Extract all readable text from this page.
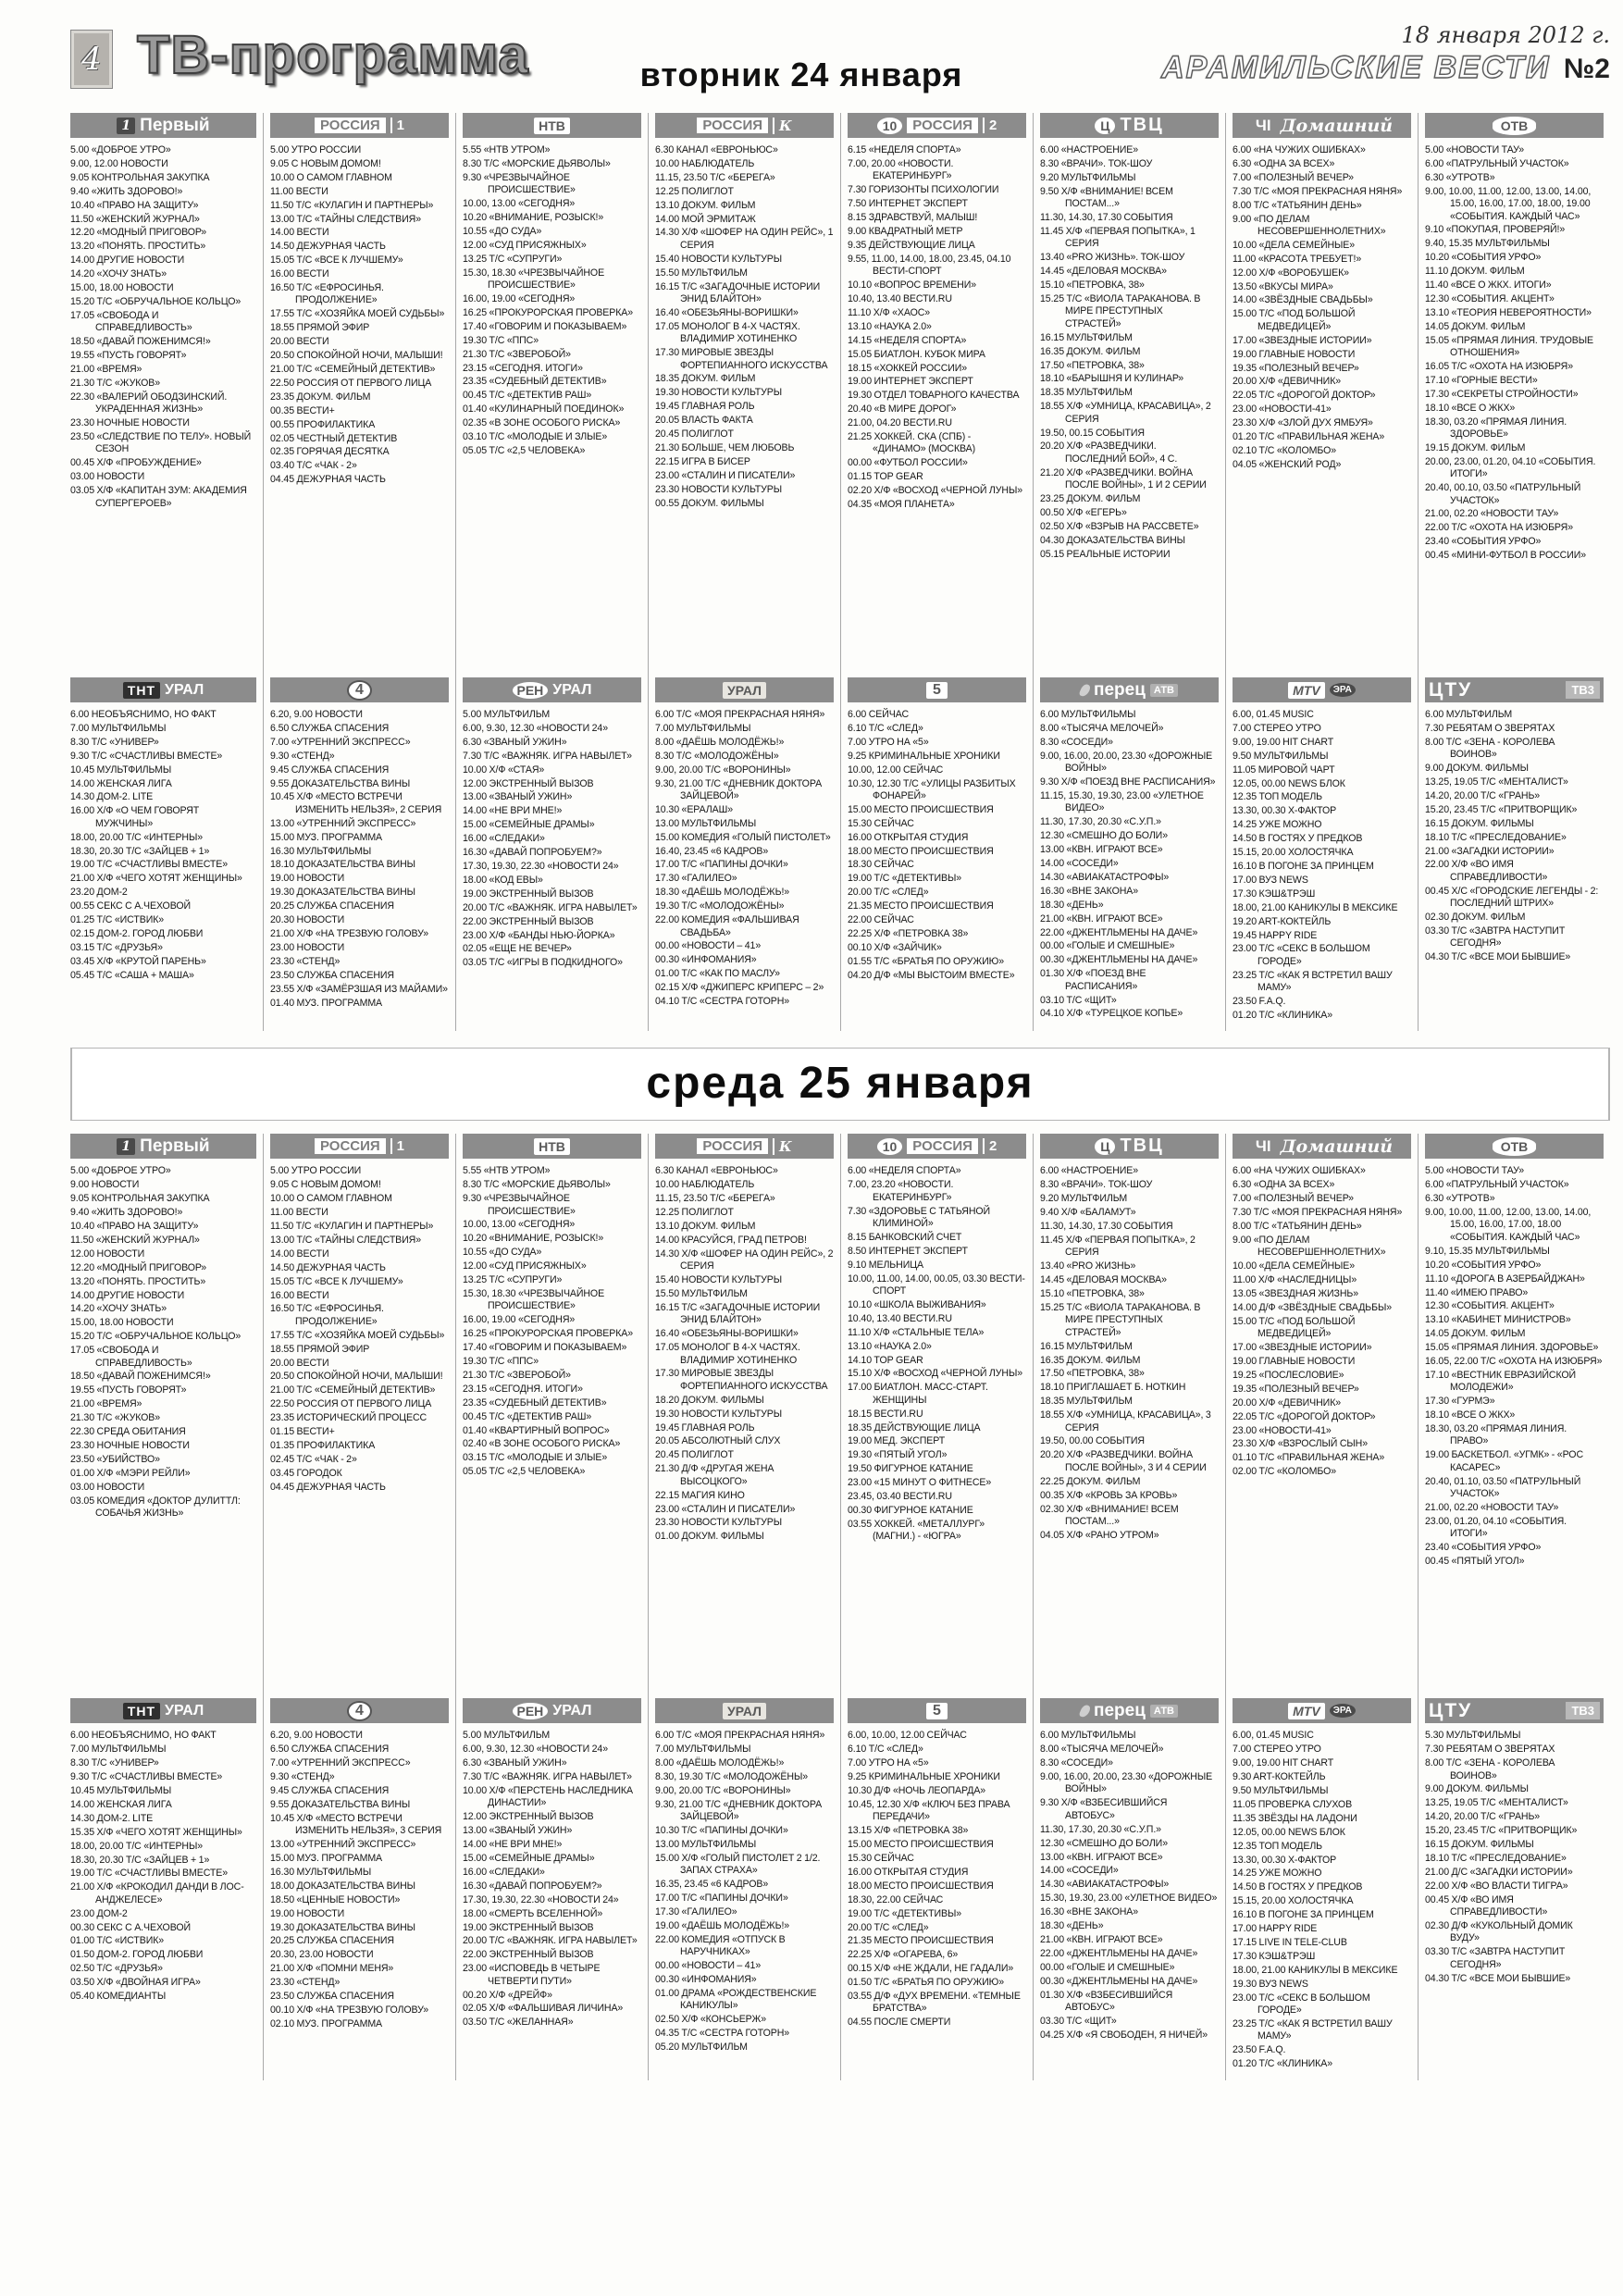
4 ТВ-программа	вторник 24 января
18 января 2012 г.
АРАМИЛЬСКИЕ ВЕСТИ №2
1 Первый
5.00 «ДОБРОЕ УТРО»
9.00, 12.00 НОВОСТИ
9.05 КОНТРОЛЬНАЯ ЗАКУПКА
9.40 «ЖИТЬ ЗДОРОВО!»
10.40 «ПРАВО НА ЗАЩИТУ»
11.50 «ЖЕНСКИЙ ЖУРНАЛ»
12.20 «МОДНЫЙ ПРИГОВОР»
13.20 «ПОНЯТЬ. ПРОСТИТЬ»
14.00 ДРУГИЕ НОВОСТИ
14.20 «ХОЧУ ЗНАТЬ»
15.00, 18.00 НОВОСТИ
15.20 Т/С «ОБРУЧАЛЬНОЕ КОЛЬЦО»
17.05 «СВОБОДА И СПРАВЕДЛИВОСТЬ»
18.50 «ДАВАЙ ПОЖЕНИМСЯ!»
19.55 «ПУСТЬ ГОВОРЯТ»
21.00 «ВРЕМЯ»
21.30 Т/С «ЖУКОВ»
22.30 «ВАЛЕРИЙ ОБОДЗИНСКИЙ. УКРАДЕННАЯ ЖИЗНЬ»
23.30 НОЧНЫЕ НОВОСТИ
23.50 «СЛЕДСТВИЕ ПО ТЕЛУ». НОВЫЙ СЕЗОН
00.45 Х/Ф «ПРОБУЖДЕНИЕ»
03.00 НОВОСТИ
03.05 Х/Ф «КАПИТАН ЗУМ: АКАДЕМИЯ СУПЕРГЕРОЕВ»
ТНТ УРАЛ
6.00 НЕОБЪЯСНИМО, НО ФАКТ
7.00 МУЛЬТФИЛЬМЫ
8.30 Т/С «УНИВЕР»
9.30 Т/С «СЧАСТЛИВЫ ВМЕСТЕ»
10.45 МУЛЬТФИЛЬМЫ
14.00 ЖЕНСКАЯ ЛИГА
14.30 ДОМ-2. LITE
16.00 Х/Ф «О ЧЕМ ГОВОРЯТ МУЖЧИНЫ»
18.00, 20.00 Т/С «ИНТЕРНЫ»
18.30, 20.30 Т/С «ЗАЙЦЕВ + 1»
19.00 Т/С «СЧАСТЛИВЫ ВМЕСТЕ»
21.00 Х/Ф «ЧЕГО ХОТЯТ ЖЕНЩИНЫ»
23.20 ДОМ-2
00.55 СЕКС С А.ЧЕХОВОЙ
01.25 Т/С «ИСТВИК»
02.15 ДОМ-2. ГОРОД ЛЮБВИ
03.15 Т/С «ДРУЗЬЯ»
03.45 Х/Ф «КРУТОЙ ПАРЕНЬ»
05.45 Т/С «САША + МАША»
РОССИЯ	1
5.00 УТРО РОССИИ
9.05 С НОВЫМ ДОМОМ!
10.00 О САМОМ ГЛАВНОМ
11.00 ВЕСТИ
11.50 Т/С «КУЛАГИН И ПАРТНЕРЫ»
13.00 Т/С «ТАЙНЫ СЛЕДСТВИЯ»
14.00 ВЕСТИ
14.50 ДЕЖУРНАЯ ЧАСТЬ
15.05 Т/С «ВСЕ К ЛУЧШЕМУ»
16.00 ВЕСТИ
16.50 Т/С «ЕФРОСИНЬЯ. ПРОДОЛЖЕНИЕ»
17.55 Т/С «ХОЗЯЙКА МОЕЙ СУДЬБЫ»
18.55 ПРЯМОЙ ЭФИР
20.00 ВЕСТИ
20.50 СПОКОЙНОЙ НОЧИ, МАЛЫШИ!
21.00 Т/С «СЕМЕЙНЫЙ ДЕТЕКТИВ»
22.50 РОССИЯ ОТ ПЕРВОГО ЛИЦА
23.35 ДОКУМ. ФИЛЬМ
00.35 ВЕСТИ+
00.55 ПРОФИЛАКТИКА
02.05 ЧЕСТНЫЙ ДЕТЕКТИВ
02.35 ГОРЯЧАЯ ДЕСЯТКА
03.40 Т/С «ЧАК - 2»
04.45 ДЕЖУРНАЯ ЧАСТЬ
4
6.20, 9.00 НОВОСТИ
6.50 СЛУЖБА СПАСЕНИЯ
7.00 «УТРЕННИЙ ЭКСПРЕСС»
9.30 «СТЕНД»
9.45 СЛУЖБА СПАСЕНИЯ
9.55 ДОКАЗАТЕЛЬСТВА ВИНЫ
10.45 Х/Ф «МЕСТО ВСТРЕЧИ ИЗМЕНИТЬ НЕЛЬЗЯ», 2 СЕРИЯ
13.00 «УТРЕННИЙ ЭКСПРЕСС»
15.00 МУЗ. ПРОГРАММА
16.30 МУЛЬТФИЛЬМЫ
18.10 ДОКАЗАТЕЛЬСТВА ВИНЫ
19.00 НОВОСТИ
19.30 ДОКАЗАТЕЛЬСТВА ВИНЫ
20.25 СЛУЖБА СПАСЕНИЯ
20.30 НОВОСТИ
21.00 Х/Ф «НА ТРЕЗВУЮ ГОЛОВУ»
23.00 НОВОСТИ
23.30 «СТЕНД»
23.50 СЛУЖБА СПАСЕНИЯ
23.55 Х/Ф «ЗАМЁРЗШАЯ ИЗ МАЙАМИ»
01.40 МУЗ. ПРОГРАММА
НТВ
5.55 «НТВ УТРОМ»
8.30 Т/С «МОРСКИЕ ДЬЯВОЛЫ»
9.30 «ЧРЕЗВЫЧАЙНОЕ ПРОИСШЕСТВИЕ»
10.00, 13.00 «СЕГОДНЯ»
10.20 «ВНИМАНИЕ, РОЗЫСК!»
10.55 «ДО СУДА»
12.00 «СУД ПРИСЯЖНЫХ»
13.25 Т/С «СУПРУГИ»
15.30, 18.30 «ЧРЕЗВЫЧАЙНОЕ ПРОИСШЕСТВИЕ»
16.00, 19.00 «СЕГОДНЯ»
16.25 «ПРОКУРОРСКАЯ ПРОВЕРКА»
17.40 «ГОВОРИМ И ПОКАЗЫВАЕМ»
19.30 Т/С «ППС»
21.30 Т/С «ЗВЕРОБОЙ»
23.15 «СЕГОДНЯ. ИТОГИ»
23.35 «СУДЕБНЫЙ ДЕТЕКТИВ»
00.45 Т/С «ДЕТЕКТИВ РАШ»
01.40 «КУЛИНАРНЫЙ ПОЕДИНОК»
02.35 «В ЗОНЕ ОСОБОГО РИСКА»
03.10 Т/С «МОЛОДЫЕ И ЗЛЫЕ»
05.05 Т/С «2,5 ЧЕЛОВЕКА»
РЕН УРАЛ
5.00 МУЛЬТФИЛЬМ
6.00, 9.30, 12.30 «НОВОСТИ 24»
6.30 «ЗВАНЫЙ УЖИН»
7.30 Т/С «ВАЖНЯК. ИГРА НАВЫЛЕТ»
10.00 Х/Ф «СТАЯ»
12.00 ЭКСТРЕННЫЙ ВЫЗОВ
13.00 «ЗВАНЫЙ УЖИН»
14.00 «НЕ ВРИ МНЕ!»
15.00 «СЕМЕЙНЫЕ ДРАМЫ»
16.00 «СЛЕДАКИ»
16.30 «ДАВАЙ ПОПРОБУЕМ?»
17.30, 19.30, 22.30 «НОВОСТИ 24»
18.00 «КОД ЕВЫ»
19.00 ЭКСТРЕННЫЙ ВЫЗОВ
20.00 Т/С «ВАЖНЯК. ИГРА НАВЫЛЕТ»
22.00 ЭКСТРЕННЫЙ ВЫЗОВ
23.00 Х/Ф «БАНДЫ НЬЮ-ЙОРКА»
02.05 «ЕЩЕ НЕ ВЕЧЕР»
03.05 Т/С «ИГРЫ В ПОДКИДНОГО»
РОССИЯ	К
6.30 КАНАЛ «ЕВРОНЬЮС»
10.00 НАБЛЮДАТЕЛЬ
11.15, 23.50 Т/С «БЕРЕГА»
12.25 ПОЛИГЛОТ
13.10 ДОКУМ. ФИЛЬМ
14.00 МОЙ ЭРМИТАЖ
14.30 Х/Ф «ШОФЕР НА ОДИН РЕЙС», 1 СЕРИЯ
15.40 НОВОСТИ КУЛЬТУРЫ
15.50 МУЛЬТФИЛЬМ
16.15 Т/С «ЗАГАДОЧНЫЕ ИСТОРИИ ЭНИД БЛАЙТОН»
16.40 «ОБЕЗЬЯНЫ-ВОРИШКИ»
17.05 МОНОЛОГ В 4-Х ЧАСТЯХ. ВЛАДИМИР ХОТИНЕНКО
17.30 МИРОВЫЕ ЗВЕЗДЫ ФОРТЕПИАННОГО ИСКУССТВА
18.35 ДОКУМ. ФИЛЬМ
19.30 НОВОСТИ КУЛЬТУРЫ
19.45 ГЛАВНАЯ РОЛЬ
20.05 ВЛАСТЬ ФАКТА
20.45 ПОЛИГЛОТ
21.30 БОЛЬШЕ, ЧЕМ ЛЮБОВЬ
22.15 ИГРА В БИСЕР
23.00 «СТАЛИН И ПИСАТЕЛИ»
23.30 НОВОСТИ КУЛЬТУРЫ
00.55 ДОКУМ. ФИЛЬМЫ
УРАЛ
6.00 Т/С «МОЯ ПРЕКРАСНАЯ НЯНЯ»
7.00 МУЛЬТФИЛЬМЫ
8.00 «ДАЁШЬ МОЛОДЁЖЬ!»
8.30 Т/С «МОЛОДОЖЁНЫ»
9.00, 20.00 Т/С «ВОРОНИНЫ»
9.30, 21.00 Т/С «ДНЕВНИК ДОКТОРА ЗАЙЦЕВОЙ»
10.30 «ЕРАЛАШ»
13.00 МУЛЬТФИЛЬМЫ
15.00 КОМЕДИЯ «ГОЛЫЙ ПИСТОЛЕТ»
16.40, 23.45 «6 КАДРОВ»
17.00 Т/С «ПАПИНЫ ДОЧКИ»
17.30 «ГАЛИЛЕО»
18.30 «ДАЁШЬ МОЛОДЁЖЬ!»
19.30 Т/С «МОЛОДОЖЁНЫ»
22.00 КОМЕДИЯ «ФАЛЬШИВАЯ СВАДЬБА»
00.00 «НОВОСТИ – 41»
00.30 «ИНФОМАНИЯ»
01.00 Т/С «КАК ПО МАСЛУ»
02.15 Х/Ф «ДЖИПЕРС КРИПЕРС – 2»
04.10 Т/С «СЕСТРА ГОТОРН»
10	РОССИЯ	2
6.15 «НЕДЕЛЯ СПОРТА»
7.00, 20.00 «НОВОСТИ. ЕКАТЕРИНБУРГ»
7.30 ГОРИЗОНТЫ ПСИХОЛОГИИ
7.50 ИНТЕРНЕТ ЭКСПЕРТ
8.15 ЗДРАВСТВУЙ, МАЛЫШ!
9.00 КВАДРАТНЫЙ МЕТР
9.35 ДЕЙСТВУЮЩИЕ ЛИЦА
9.55, 11.00, 14.00, 18.00, 23.45, 04.10 ВЕСТИ-СПОРТ
10.10 «ВОПРОС ВРЕМЕНИ»
10.40, 13.40 ВЕСТИ.RU
11.10 Х/Ф «ХАОС»
13.10 «НАУКА 2.0»
14.15 «НЕДЕЛЯ СПОРТА»
15.05 БИАТЛОН. КУБОК МИРА
18.15 «ХОККЕЙ РОССИИ»
19.00 ИНТЕРНЕТ ЭКСПЕРТ
19.30 ОТДЕЛ ТОВАРНОГО КАЧЕСТВА
20.40 «В МИРЕ ДОРОГ»
21.00, 04.20 ВЕСТИ.RU
21.25 ХОККЕЙ. СКА (СПБ) - «ДИНАМО» (МОСКВА)
00.00 «ФУТБОЛ РОССИИ»
01.15 TOP GEAR
02.20 Х/Ф «ВОСХОД «ЧЕРНОЙ ЛУНЫ»
04.35 «МОЯ ПЛАНЕТА»
5
6.00 СЕЙЧАС
6.10 Т/С «СЛЕД»
7.00 УТРО НА «5»
9.25 КРИМИНАЛЬНЫЕ ХРОНИКИ
10.00, 12.00 СЕЙЧАС
10.30, 12.30 Т/С «УЛИЦЫ РАЗБИТЫХ ФОНАРЕЙ»
15.00 МЕСТО ПРОИСШЕСТВИЯ
15.30 СЕЙЧАС
16.00 ОТКРЫТАЯ СТУДИЯ
18.00 МЕСТО ПРОИСШЕСТВИЯ
18.30 СЕЙЧАС
19.00 Т/С «ДЕТЕКТИВЫ»
20.00 Т/С «СЛЕД»
21.35 МЕСТО ПРОИСШЕСТВИЯ
22.00 СЕЙЧАС
22.25 Х/Ф «ПЕТРОВКА 38»
00.10 Х/Ф «ЗАЙЧИК»
01.55 Т/С «БРАТЬЯ ПО ОРУЖИЮ»
04.20 Д/Ф «МЫ ВЫСТОИМ ВМЕСТЕ»
Ц ТВЦ
6.00 «НАСТРОЕНИЕ»
8.30 «ВРАЧИ». ТОК-ШОУ
9.20 МУЛЬТФИЛЬМЫ
9.50 Х/Ф «ВНИМАНИЕ! ВСЕМ ПОСТАМ...»
11.30, 14.30, 17.30 СОБЫТИЯ
11.45 Х/Ф «ПЕРВАЯ ПОПЫТКА», 1 СЕРИЯ
13.40 «PRO ЖИЗНЬ». ТОК-ШОУ
14.45 «ДЕЛОВАЯ МОСКВА»
15.10 «ПЕТРОВКА, 38»
15.25 Т/С «ВИОЛА ТАРАКАНОВА. В МИРЕ ПРЕСТУПНЫХ СТРАСТЕЙ»
16.15 МУЛЬТФИЛЬМ
16.35 ДОКУМ. ФИЛЬМ
17.50 «ПЕТРОВКА, 38»
18.10 «БАРЫШНЯ И КУЛИНАР»
18.35 МУЛЬТФИЛЬМ
18.55 Х/Ф «УМНИЦА, КРАСАВИЦА», 2 СЕРИЯ
19.50, 00.15 СОБЫТИЯ
20.20 Х/Ф «РАЗВЕДЧИКИ. ПОСЛЕДНИЙ БОЙ», 4 С.
21.20 Х/Ф «РАЗВЕДЧИКИ. ВОЙНА ПОСЛЕ ВОЙНЫ», 1 И 2 СЕРИИ
23.25 ДОКУМ. ФИЛЬМ
00.50 Х/Ф «ЕГЕРЬ»
02.50 Х/Ф «ВЗРЫВ НА РАССВЕТЕ»
04.30 ДОКАЗАТЕЛЬСТВА ВИНЫ
05.15 РЕАЛЬНЫЕ ИСТОРИИ
перец АТВ
6.00 МУЛЬТФИЛЬМЫ
8.00 «ТЫСЯЧА МЕЛОЧЕЙ»
8.30 «СОСЕДИ»
9.00, 16.00, 20.00, 23.30 «ДОРОЖНЫЕ ВОЙНЫ»
9.30 Х/Ф «ПОЕЗД ВНЕ РАСПИСАНИЯ»
11.15, 15.30, 19.30, 23.00 «УЛЕТНОЕ ВИДЕО»
11.30, 17.30, 20.30 «С.У.П.»
12.30 «СМЕШНО ДО БОЛИ»
13.00 «КВН. ИГРАЮТ ВСЕ»
14.00 «СОСЕДИ»
14.30 «АВИАКАТАСТРОФЫ»
16.30 «ВНЕ ЗАКОНА»
18.30 «ДЕНЬ»
21.00 «КВН. ИГРАЮТ ВСЕ»
22.00 «ДЖЕНТЛЬМЕНЫ НА ДАЧЕ»
00.00 «ГОЛЫЕ И СМЕШНЫЕ»
00.30 «ДЖЕНТЛЬМЕНЫ НА ДАЧЕ»
01.30 Х/Ф «ПОЕЗД ВНЕ РАСПИСАНИЯ»
03.10 Т/С «ЩИТ»
04.10 Х/Ф «ТУРЕЦКОЕ КОПЬЕ»
ЧІ Домашний
6.00 «НА ЧУЖИХ ОШИБКАХ»
6.30 «ОДНА ЗА ВСЕХ»
7.00 «ПОЛЕЗНЫЙ ВЕЧЕР»
7.30 Т/С «МОЯ ПРЕКРАСНАЯ НЯНЯ»
8.00 Т/С «ТАТЬЯНИН ДЕНЬ»
9.00 «ПО ДЕЛАМ НЕСОВЕРШЕННОЛЕТНИХ»
10.00 «ДЕЛА СЕМЕЙНЫЕ»
11.00 «КРАСОТА ТРЕБУЕТ!»
12.00 Х/Ф «ВОРОБУШЕК»
13.50 «ВКУСЫ МИРА»
14.00 «ЗВЁЗДНЫЕ СВАДЬБЫ»
15.00 Т/С «ПОД БОЛЬШОЙ МЕДВЕДИЦЕЙ»
17.00 «ЗВЕЗДНЫЕ ИСТОРИИ»
19.00 ГЛАВНЫЕ НОВОСТИ
19.35 «ПОЛЕЗНЫЙ ВЕЧЕР»
20.00 Х/Ф «ДЕВИЧНИК»
22.05 Т/С «ДОРОГОЙ ДОКТОР»
23.00 «НОВОСТИ-41»
23.30 Х/Ф «ЗЛОЙ ДУХ ЯМБУЯ»
01.20 Т/С «ПРАВИЛЬНАЯ ЖЕНА»
02.10 Т/С «КОЛОМБО»
04.05 «ЖЕНСКИЙ РОД»
MTV	ЭРА
6.00, 01.45 MUSIC
7.00 СТЕРЕО УТРО
9.00, 19.00 HIT CHART
9.50 МУЛЬТФИЛЬМЫ
11.05 МИРОВОЙ ЧАРТ
12.05, 00.00 NEWS БЛОК
12.35 ТОП МОДЕЛЬ
13.30, 00.30 Х-ФАКТОР
14.25 УЖЕ МОЖНО
14.50 В ГОСТЯХ У ПРЕДКОВ
15.15, 20.00 ХОЛОСТЯЧКА
16.10 В ПОГОНЕ ЗА ПРИНЦЕМ
17.00 ВУЗ NEWS
17.30 КЭШ&ТРЭШ
18.00, 21.00 КАНИКУЛЫ В МЕКСИКЕ
19.20 ART-КОКТЕЙЛЬ
19.45 HAPPY RIDE
23.00 Т/С «СЕКС В БОЛЬШОМ ГОРОДЕ»
23.25 Т/С «КАК Я ВСТРЕТИЛ ВАШУ МАМУ»
23.50 F.A.Q.
01.20 Т/С «КЛИНИКА»
ОТВ
5.00 «НОВОСТИ ТАУ»
6.00 «ПАТРУЛЬНЫЙ УЧАСТОК»
6.30 «УТРОТВ»
9.00, 10.00, 11.00, 12.00, 13.00, 14.00, 15.00, 16.00, 17.00, 18.00, 19.00 «СОБЫТИЯ. КАЖДЫЙ ЧАС»
9.10 «ПОКУПАЯ, ПРОВЕРЯЙ!»
9.40, 15.35 МУЛЬТФИЛЬМЫ
10.20 «СОБЫТИЯ УРФО»
11.10 ДОКУМ. ФИЛЬМ
11.40 «ВСЕ О ЖКХ. ИТОГИ»
12.30 «СОБЫТИЯ. АКЦЕНТ»
13.10 «ТЕОРИЯ НЕВЕРОЯТНОСТИ»
14.05 ДОКУМ. ФИЛЬМ
15.05 «ПРЯМАЯ ЛИНИЯ. ТРУДОВЫЕ ОТНОШЕНИЯ»
16.05 Т/С «ОХОТА НА ИЗЮБРЯ»
17.10 «ГОРНЫЕ ВЕСТИ»
17.30 «СЕКРЕТЫ СТРОЙНОСТИ»
18.10 «ВСЕ О ЖКХ»
18.30, 03.20 «ПРЯМАЯ ЛИНИЯ. ЗДОРОВЬЕ»
19.15 ДОКУМ. ФИЛЬМ
20.00, 23.00, 01.20, 04.10 «СОБЫТИЯ. ИТОГИ»
20.40, 00.10, 03.50 «ПАТРУЛЬНЫЙ УЧАСТОК»
21.00, 02.20 «НОВОСТИ ТАУ»
22.00 Т/С «ОХОТА НА ИЗЮБРЯ»
23.40 «СОБЫТИЯ УРФО»
00.45 «МИНИ-ФУТБОЛ В РОССИИ»
ЦТУ	ТВ3
6.00 МУЛЬТФИЛЬМ
7.30 РЕБЯТАМ О ЗВЕРЯТАХ
8.00 Т/С «ЗЕНА - КОРОЛЕВА ВОИНОВ»
9.00 ДОКУМ. ФИЛЬМЫ
13.25, 19.05 Т/С «МЕНТАЛИСТ»
14.20, 20.00 Т/С «ГРАНЬ»
15.20, 23.45 Т/С «ПРИТВОРЩИК»
16.15 ДОКУМ. ФИЛЬМЫ
18.10 Т/С «ПРЕСЛЕДОВАНИЕ»
21.00 «ЗАГАДКИ ИСТОРИИ»
22.00 Х/Ф «ВО ИМЯ СПРАВЕДЛИВОСТИ»
00.45 Х/С «ГОРОДСКИЕ ЛЕГЕНДЫ - 2: ПОСЛЕДНИЙ ШТРИХ»
02.30 ДОКУМ. ФИЛЬМ
03.30 Т/С «ЗАВТРА НАСТУПИТ СЕГОДНЯ»
04.30 Т/С «ВСЕ МОИ БЫВШИЕ»
среда 25 января
1 Первый
5.00 «ДОБРОЕ УТРО»
9.00 НОВОСТИ
9.05 КОНТРОЛЬНАЯ ЗАКУПКА
9.40 «ЖИТЬ ЗДОРОВО!»
10.40 «ПРАВО НА ЗАЩИТУ»
11.50 «ЖЕНСКИЙ ЖУРНАЛ»
12.00 НОВОСТИ
12.20 «МОДНЫЙ ПРИГОВОР»
13.20 «ПОНЯТЬ. ПРОСТИТЬ»
14.00 ДРУГИЕ НОВОСТИ
14.20 «ХОЧУ ЗНАТЬ»
15.00, 18.00 НОВОСТИ
15.20 Т/С «ОБРУЧАЛЬНОЕ КОЛЬЦО»
17.05 «СВОБОДА И СПРАВЕДЛИВОСТЬ»
18.50 «ДАВАЙ ПОЖЕНИМСЯ!»
19.55 «ПУСТЬ ГОВОРЯТ»
21.00 «ВРЕМЯ»
21.30 Т/С «ЖУКОВ»
22.30 СРЕДА ОБИТАНИЯ
23.30 НОЧНЫЕ НОВОСТИ
23.50 «УБИЙСТВО»
01.00 Х/Ф «МЭРИ РЕЙЛИ»
03.00 НОВОСТИ
03.05 КОМЕДИЯ «ДОКТОР ДУЛИТТЛ: СОБАЧЬЯ ЖИЗНЬ»
ТНТ УРАЛ
6.00 НЕОБЪЯСНИМО, НО ФАКТ
7.00 МУЛЬТФИЛЬМЫ
8.30 Т/С «УНИВЕР»
9.30 Т/С «СЧАСТЛИВЫ ВМЕСТЕ»
10.45 МУЛЬТФИЛЬМЫ
14.00 ЖЕНСКАЯ ЛИГА
14.30 ДОМ-2. LITE
15.35 Х/Ф «ЧЕГО ХОТЯТ ЖЕНЩИНЫ»
18.00, 20.00 Т/С «ИНТЕРНЫ»
18.30, 20.30 Т/С «ЗАЙЦЕВ + 1»
19.00 Т/С «СЧАСТЛИВЫ ВМЕСТЕ»
21.00 Х/Ф «КРОКОДИЛ ДАНДИ В ЛОС-АНДЖЕЛЕСЕ»
23.00 ДОМ-2
00.30 СЕКС С А.ЧЕХОВОЙ
01.00 Т/С «ИСТВИК»
01.50 ДОМ-2. ГОРОД ЛЮБВИ
02.50 Т/С «ДРУЗЬЯ»
03.50 Х/Ф «ДВОЙНАЯ ИГРА»
05.40 КОМЕДИАНТЫ
РОССИЯ	1
5.00 УТРО РОССИИ
9.05 С НОВЫМ ДОМОМ!
10.00 О САМОМ ГЛАВНОМ
11.00 ВЕСТИ
11.50 Т/С «КУЛАГИН И ПАРТНЕРЫ»
13.00 Т/С «ТАЙНЫ СЛЕДСТВИЯ»
14.00 ВЕСТИ
14.50 ДЕЖУРНАЯ ЧАСТЬ
15.05 Т/С «ВСЕ К ЛУЧШЕМУ»
16.00 ВЕСТИ
16.50 Т/С «ЕФРОСИНЬЯ. ПРОДОЛЖЕНИЕ»
17.55 Т/С «ХОЗЯЙКА МОЕЙ СУДЬБЫ»
18.55 ПРЯМОЙ ЭФИР
20.00 ВЕСТИ
20.50 СПОКОЙНОЙ НОЧИ, МАЛЫШИ!
21.00 Т/С «СЕМЕЙНЫЙ ДЕТЕКТИВ»
22.50 РОССИЯ ОТ ПЕРВОГО ЛИЦА
23.35 ИСТОРИЧЕСКИЙ ПРОЦЕСС
01.15 ВЕСТИ+
01.35 ПРОФИЛАКТИКА
02.45 Т/С «ЧАК - 2»
03.45 ГОРОДОК
04.45 ДЕЖУРНАЯ ЧАСТЬ
4
6.20, 9.00 НОВОСТИ
6.50 СЛУЖБА СПАСЕНИЯ
7.00 «УТРЕННИЙ ЭКСПРЕСС»
9.30 «СТЕНД»
9.45 СЛУЖБА СПАСЕНИЯ
9.55 ДОКАЗАТЕЛЬСТВА ВИНЫ
10.45 Х/Ф «МЕСТО ВСТРЕЧИ ИЗМЕНИТЬ НЕЛЬЗЯ», 3 СЕРИЯ
13.00 «УТРЕННИЙ ЭКСПРЕСС»
15.00 МУЗ. ПРОГРАММА
16.30 МУЛЬТФИЛЬМЫ
18.00 ДОКАЗАТЕЛЬСТВА ВИНЫ
18.50 «ЦЕННЫЕ НОВОСТИ»
19.00 НОВОСТИ
19.30 ДОКАЗАТЕЛЬСТВА ВИНЫ
20.25 СЛУЖБА СПАСЕНИЯ
20.30, 23.00 НОВОСТИ
21.00 Х/Ф «ПОМНИ МЕНЯ»
23.30 «СТЕНД»
23.50 СЛУЖБА СПАСЕНИЯ
00.10 Х/Ф «НА ТРЕЗВУЮ ГОЛОВУ»
02.10 МУЗ. ПРОГРАММА
НТВ
5.55 «НТВ УТРОМ»
8.30 Т/С «МОРСКИЕ ДЬЯВОЛЫ»
9.30 «ЧРЕЗВЫЧАЙНОЕ ПРОИСШЕСТВИЕ»
10.00, 13.00 «СЕГОДНЯ»
10.20 «ВНИМАНИЕ, РОЗЫСК!»
10.55 «ДО СУДА»
12.00 «СУД ПРИСЯЖНЫХ»
13.25 Т/С «СУПРУГИ»
15.30, 18.30 «ЧРЕЗВЫЧАЙНОЕ ПРОИСШЕСТВИЕ»
16.00, 19.00 «СЕГОДНЯ»
16.25 «ПРОКУРОРСКАЯ ПРОВЕРКА»
17.40 «ГОВОРИМ И ПОКАЗЫВАЕМ»
19.30 Т/С «ППС»
21.30 Т/С «ЗВЕРОБОЙ»
23.15 «СЕГОДНЯ. ИТОГИ»
23.35 «СУДЕБНЫЙ ДЕТЕКТИВ»
00.45 Т/С «ДЕТЕКТИВ РАШ»
01.40 «КВАРТИРНЫЙ ВОПРОС»
02.40 «В ЗОНЕ ОСОБОГО РИСКА»
03.15 Т/С «МОЛОДЫЕ И ЗЛЫЕ»
05.05 Т/С «2,5 ЧЕЛОВЕКА»
РЕН УРАЛ
5.00 МУЛЬТФИЛЬМ
6.00, 9.30, 12.30 «НОВОСТИ 24»
6.30 «ЗВАНЫЙ УЖИН»
7.30 Т/С «ВАЖНЯК. ИГРА НАВЫЛЕТ»
10.00 Х/Ф «ПЕРСТЕНЬ НАСЛЕДНИКА ДИНАСТИИ»
12.00 ЭКСТРЕННЫЙ ВЫЗОВ
13.00 «ЗВАНЫЙ УЖИН»
14.00 «НЕ ВРИ МНЕ!»
15.00 «СЕМЕЙНЫЕ ДРАМЫ»
16.00 «СЛЕДАКИ»
16.30 «ДАВАЙ ПОПРОБУЕМ?»
17.30, 19.30, 22.30 «НОВОСТИ 24»
18.00 «СМЕРТЬ ВСЕЛЕННОЙ»
19.00 ЭКСТРЕННЫЙ ВЫЗОВ
20.00 Т/С «ВАЖНЯК. ИГРА НАВЫЛЕТ»
22.00 ЭКСТРЕННЫЙ ВЫЗОВ
23.00 «ИСПОВЕДЬ В ЧЕТЫРЕ ЧЕТВЕРТИ ПУТИ»
00.20 Х/Ф «ДРЕЙФ»
02.05 Х/Ф «ФАЛЬШИВАЯ ЛИЧИНА»
03.50 Т/С «ЖЕЛАННАЯ»
РОССИЯ	К
6.30 КАНАЛ «ЕВРОНЬЮС»
10.00 НАБЛЮДАТЕЛЬ
11.15, 23.50 Т/С «БЕРЕГА»
12.25 ПОЛИГЛОТ
13.10 ДОКУМ. ФИЛЬМ
14.00 КРАСУЙСЯ, ГРАД ПЕТРОВ!
14.30 Х/Ф «ШОФЕР НА ОДИН РЕЙС», 2 СЕРИЯ
15.40 НОВОСТИ КУЛЬТУРЫ
15.50 МУЛЬТФИЛЬМ
16.15 Т/С «ЗАГАДОЧНЫЕ ИСТОРИИ ЭНИД БЛАЙТОН»
16.40 «ОБЕЗЬЯНЫ-ВОРИШКИ»
17.05 МОНОЛОГ В 4-Х ЧАСТЯХ. ВЛАДИМИР ХОТИНЕНКО
17.30 МИРОВЫЕ ЗВЕЗДЫ ФОРТЕПИАННОГО ИСКУССТВА
18.20 ДОКУМ. ФИЛЬМЫ
19.30 НОВОСТИ КУЛЬТУРЫ
19.45 ГЛАВНАЯ РОЛЬ
20.05 АБСОЛЮТНЫЙ СЛУХ
20.45 ПОЛИГЛОТ
21.30 Д/Ф «ДРУГАЯ ЖЕНА ВЫСОЦКОГО»
22.15 МАГИЯ КИНО
23.00 «СТАЛИН И ПИСАТЕЛИ»
23.30 НОВОСТИ КУЛЬТУРЫ
01.00 ДОКУМ. ФИЛЬМЫ
УРАЛ
6.00 Т/С «МОЯ ПРЕКРАСНАЯ НЯНЯ»
7.00 МУЛЬТФИЛЬМЫ
8.00 «ДАЁШЬ МОЛОДЁЖЬ!»
8.30, 19.30 Т/С «МОЛОДОЖЁНЫ»
9.00, 20.00 Т/С «ВОРОНИНЫ»
9.30, 21.00 Т/С «ДНЕВНИК ДОКТОРА ЗАЙЦЕВОЙ»
10.30 Т/С «ПАПИНЫ ДОЧКИ»
13.00 МУЛЬТФИЛЬМЫ
15.00 Х/Ф «ГОЛЫЙ ПИСТОЛЕТ 2 1/2. ЗАПАХ СТРАХА»
16.35, 23.45 «6 КАДРОВ»
17.00 Т/С «ПАПИНЫ ДОЧКИ»
17.30 «ГАЛИЛЕО»
19.00 «ДАЁШЬ МОЛОДЁЖЬ!»
22.00 КОМЕДИЯ «ОТПУСК В НАРУЧНИКАХ»
00.00 «НОВОСТИ – 41»
00.30 «ИНФОМАНИЯ»
01.00 ДРАМА «РОЖДЕСТВЕНСКИЕ КАНИКУЛЫ»
02.50 Х/Ф «КОНСЬЕРЖ»
04.35 Т/С «СЕСТРА ГОТОРН»
05.20 МУЛЬТФИЛЬМ
10	РОССИЯ	2
6.00 «НЕДЕЛЯ СПОРТА»
7.00, 23.20 «НОВОСТИ. ЕКАТЕРИНБУРГ»
7.30 «ЗДОРОВЬЕ С ТАТЬЯНОЙ КЛИМИНОЙ»
8.15 БАНКОВСКИЙ СЧЕТ
8.50 ИНТЕРНЕТ ЭКСПЕРТ
9.10 МЕЛЬНИЦА
10.00, 11.00, 14.00, 00.05, 03.30 ВЕСТИ-СПОРТ
10.10 «ШКОЛА ВЫЖИВАНИЯ»
10.40, 13.40 ВЕСТИ.RU
11.10 Х/Ф «СТАЛЬНЫЕ ТЕЛА»
13.10 «НАУКА 2.0»
14.10 TOP GEAR
15.10 Х/Ф «ВОСХОД «ЧЕРНОЙ ЛУНЫ»
17.00 БИАТЛОН. МАСС-СТАРТ. ЖЕНЩИНЫ
18.15 ВЕСТИ.RU
18.35 ДЕЙСТВУЮЩИЕ ЛИЦА
19.00 МЕД. ЭКСПЕРТ
19.30 «ПЯТЫЙ УГОЛ»
19.50 ФИГУРНОЕ КАТАНИЕ
23.00 «15 МИНУТ О ФИТНЕСЕ»
23.45, 03.40 ВЕСТИ.RU
00.30 ФИГУРНОЕ КАТАНИЕ
03.55 ХОККЕЙ. «МЕТАЛЛУРГ» (МАГНИ.) - «ЮГРА»
5
6.00, 10.00, 12.00 СЕЙЧАС
6.10 Т/С «СЛЕД»
7.00 УТРО НА «5»
9.25 КРИМИНАЛЬНЫЕ ХРОНИКИ
10.30 Д/Ф «НОЧЬ ЛЕОПАРДА»
10.45, 12.30 Х/Ф «КЛЮЧ БЕЗ ПРАВА ПЕРЕДАЧИ»
13.15 Х/Ф «ПЕТРОВКА 38»
15.00 МЕСТО ПРОИСШЕСТВИЯ
15.30 СЕЙЧАС
16.00 ОТКРЫТАЯ СТУДИЯ
18.00 МЕСТО ПРОИСШЕСТВИЯ
18.30, 22.00 СЕЙЧАС
19.00 Т/С «ДЕТЕКТИВЫ»
20.00 Т/С «СЛЕД»
21.35 МЕСТО ПРОИСШЕСТВИЯ
22.25 Х/Ф «ОГАРЕВА, 6»
00.15 Х/Ф «НЕ ЖДАЛИ, НЕ ГАДАЛИ»
01.50 Т/С «БРАТЬЯ ПО ОРУЖИЮ»
03.55 Д/Ф «ДУХ ВРЕМЕНИ. «ТЕМНЫЕ БРАТСТВА»
04.55 ПОСЛЕ СМЕРТИ
Ц ТВЦ
6.00 «НАСТРОЕНИЕ»
8.30 «ВРАЧИ». ТОК-ШОУ
9.20 МУЛЬТФИЛЬМ
9.40 Х/Ф «БАЛАМУТ»
11.30, 14.30, 17.30 СОБЫТИЯ
11.45 Х/Ф «ПЕРВАЯ ПОПЫТКА», 2 СЕРИЯ
13.40 «PRO ЖИЗНЬ»
14.45 «ДЕЛОВАЯ МОСКВА»
15.10 «ПЕТРОВКА, 38»
15.25 Т/С «ВИОЛА ТАРАКАНОВА. В МИРЕ ПРЕСТУПНЫХ СТРАСТЕЙ»
16.15 МУЛЬТФИЛЬМ
16.35 ДОКУМ. ФИЛЬМ
17.50 «ПЕТРОВКА, 38»
18.10 ПРИГЛАШАЕТ Б. НОТКИН
18.35 МУЛЬТФИЛЬМ
18.55 Х/Ф «УМНИЦА, КРАСАВИЦА», 3 СЕРИЯ
19.50, 00.00 СОБЫТИЯ
20.20 Х/Ф «РАЗВЕДЧИКИ. ВОЙНА ПОСЛЕ ВОЙНЫ», 3 И 4 СЕРИИ
22.25 ДОКУМ. ФИЛЬМ
00.35 Х/Ф «КРОВЬ ЗА КРОВЬ»
02.30 Х/Ф «ВНИМАНИЕ! ВСЕМ ПОСТАМ...»
04.05 Х/Ф «РАНО УТРОМ»
перец АТВ
6.00 МУЛЬТФИЛЬМЫ
8.00 «ТЫСЯЧА МЕЛОЧЕЙ»
8.30 «СОСЕДИ»
9.00, 16.00, 20.00, 23.30 «ДОРОЖНЫЕ ВОЙНЫ»
9.30 Х/Ф «ВЗБЕСИВШИЙСЯ АВТОБУС»
11.30, 17.30, 20.30 «С.У.П.»
12.30 «СМЕШНО ДО БОЛИ»
13.00 «КВН. ИГРАЮТ ВСЕ»
14.00 «СОСЕДИ»
14.30 «АВИАКАТАСТРОФЫ»
15.30, 19.30, 23.00 «УЛЕТНОЕ ВИДЕО»
16.30 «ВНЕ ЗАКОНА»
18.30 «ДЕНЬ»
21.00 «КВН. ИГРАЮТ ВСЕ»
22.00 «ДЖЕНТЛЬМЕНЫ НА ДАЧЕ»
00.00 «ГОЛЫЕ И СМЕШНЫЕ»
00.30 «ДЖЕНТЛЬМЕНЫ НА ДАЧЕ»
01.30 Х/Ф «ВЗБЕСИВШИЙСЯ АВТОБУС»
03.30 Т/С «ЩИТ»
04.25 Х/Ф «Я СВОБОДЕН, Я НИЧЕЙ»
ЧІ Домашний
6.00 «НА ЧУЖИХ ОШИБКАХ»
6.30 «ОДНА ЗА ВСЕХ»
7.00 «ПОЛЕЗНЫЙ ВЕЧЕР»
7.30 Т/С «МОЯ ПРЕКРАСНАЯ НЯНЯ»
8.00 Т/С «ТАТЬЯНИН ДЕНЬ»
9.00 «ПО ДЕЛАМ НЕСОВЕРШЕННОЛЕТНИХ»
10.00 «ДЕЛА СЕМЕЙНЫЕ»
11.00 Х/Ф «НАСЛЕДНИЦЫ»
13.05 «ЗВЕЗДНАЯ ЖИЗНЬ»
14.00 Д/Ф «ЗВЁЗДНЫЕ СВАДЬБЫ»
15.00 Т/С «ПОД БОЛЬШОЙ МЕДВЕДИЦЕЙ»
17.00 «ЗВЕЗДНЫЕ ИСТОРИИ»
19.00 ГЛАВНЫЕ НОВОСТИ
19.25 «ПОСЛЕСЛОВИЕ»
19.35 «ПОЛЕЗНЫЙ ВЕЧЕР»
20.00 Х/Ф «ДЕВИЧНИК»
22.05 Т/С «ДОРОГОЙ ДОКТОР»
23.00 «НОВОСТИ-41»
23.30 Х/Ф «ВЗРОСЛЫЙ СЫН»
01.10 Т/С «ПРАВИЛЬНАЯ ЖЕНА»
02.00 Т/С «КОЛОМБО»
MTV	ЭРА
6.00, 01.45 MUSIC
7.00 СТЕРЕО УТРО
9.00, 19.00 HIT CHART
9.30 ART-КОКТЕЙЛЬ
9.50 МУЛЬТФИЛЬМЫ
11.05 ПРОВЕРКА СЛУХОВ
11.35 ЗВЁЗДЫ НА ЛАДОНИ
12.05, 00.00 NEWS БЛОК
12.35 ТОП МОДЕЛЬ
13.30, 00.30 Х-ФАКТОР
14.25 УЖЕ МОЖНО
14.50 В ГОСТЯХ У ПРЕДКОВ
15.15, 20.00 ХОЛОСТЯЧКА
16.10 В ПОГОНЕ ЗА ПРИНЦЕМ
17.00 HAPPY RIDE
17.15 LIVE IN TELE-CLUB
17.30 КЭШ&ТРЭШ
18.00, 21.00 КАНИКУЛЫ В МЕКСИКЕ
19.30 ВУЗ NEWS
23.00 Т/С «СЕКС В БОЛЬШОМ ГОРОДЕ»
23.25 Т/С «КАК Я ВСТРЕТИЛ ВАШУ МАМУ»
23.50 F.A.Q.
01.20 Т/С «КЛИНИКА»
ОТВ
5.00 «НОВОСТИ ТАУ»
6.00 «ПАТРУЛЬНЫЙ УЧАСТОК»
6.30 «УТРОТВ»
9.00, 10.00, 11.00, 12.00, 13.00, 14.00, 15.00, 16.00, 17.00, 18.00 «СОБЫТИЯ. КАЖДЫЙ ЧАС»
9.10, 15.35 МУЛЬТФИЛЬМЫ
10.20 «СОБЫТИЯ УРФО»
11.10 «ДОРОГА В АЗЕРБАЙДЖАН»
11.40 «ИМЕЮ ПРАВО»
12.30 «СОБЫТИЯ. АКЦЕНТ»
13.10 «КАБИНЕТ МИНИСТРОВ»
14.05 ДОКУМ. ФИЛЬМ
15.05 «ПРЯМАЯ ЛИНИЯ. ЗДОРОВЬЕ»
16.05, 22.00 Т/С «ОХОТА НА ИЗЮБРЯ»
17.10 «ВЕСТНИК ЕВРАЗИЙСКОЙ МОЛОДЕЖИ»
17.30 «ГУРМЭ»
18.10 «ВСЕ О ЖКХ»
18.30, 03.20 «ПРЯМАЯ ЛИНИЯ. ПРАВО»
19.00 БАСКЕТБОЛ. «УГМК» - «РОС КАСАРЕС»
20.40, 01.10, 03.50 «ПАТРУЛЬНЫЙ УЧАСТОК»
21.00, 02.20 «НОВОСТИ ТАУ»
23.00, 01.20, 04.10 «СОБЫТИЯ. ИТОГИ»
23.40 «СОБЫТИЯ УРФО»
00.45 «ПЯТЫЙ УГОЛ»
ЦТУ	ТВ3
5.30 МУЛЬТФИЛЬМЫ
7.30 РЕБЯТАМ О ЗВЕРЯТАХ
8.00 Т/С «ЗЕНА - КОРОЛЕВА ВОИНОВ»
9.00 ДОКУМ. ФИЛЬМЫ
13.25, 19.05 Т/С «МЕНТАЛИСТ»
14.20, 20.00 Т/С «ГРАНЬ»
15.20, 23.45 Т/С «ПРИТВОРЩИК»
16.15 ДОКУМ. ФИЛЬМЫ
18.10 Т/С «ПРЕСЛЕДОВАНИЕ»
21.00 Д/С «ЗАГАДКИ ИСТОРИИ»
22.00 Х/Ф «ВО ВЛАСТИ ТИГРА»
00.45 Х/Ф «ВО ИМЯ СПРАВЕДЛИВОСТИ»
02.30 Д/Ф «КУКОЛЬНЫЙ ДОМИК ВУДУ»
03.30 Т/С «ЗАВТРА НАСТУПИТ СЕГОДНЯ»
04.30 Т/С «ВСЕ МОИ БЫВШИЕ»
